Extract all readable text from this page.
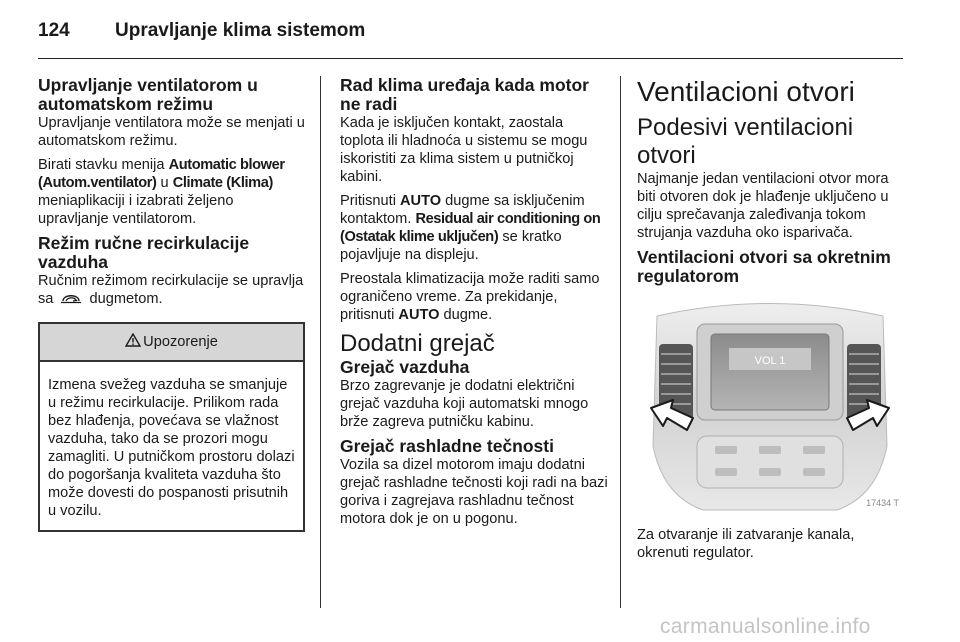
124 Upravljanje klima sistemom
Upravljanje ventilatorom u automatskom režimu

Upravljanje ventilatora može se menjati u automatskom režimu.

Birati stavku menija Automatic blower (Autom.ventilator) u Climate (Klima) meniaplikaciji i izabrati željeno upravljanje ventilatorom.

Režim ručne recirkulacije vazduha

Ručnim režimom recirkulacije se upravlja sa  dugmetom.

Upozorenje
Izmena svežeg vazduha se smanjuje u režimu recirkulacije. Prilikom rada bez hlađenja, povećava se vlažnost vazduha, tako da se prozori mogu zamagliti. U putničkom prostoru dolazi do pogoršanja kvaliteta vazduha što može dovesti do pospanosti prisutnih u vozilu.
Rad klima uređaja kada motor ne radi

Kada je isključen kontakt, zaostala toplota ili hladnoća u sistemu se mogu iskoristiti za klima sistem u putničkoj kabini.

Pritisnuti AUTO dugme sa isključenim kontaktom. Residual air conditioning on (Ostatak klime uključen) se kratko pojavljuje na displeju.

Preostala klimatizacija može raditi samo ograničeno vreme. Za prekidanje, pritisnuti AUTO dugme.

Dodatni grejač
Grejač vazduha

Brzo zagrevanje je dodatni električni grejač vazduha koji automatski mnogo brže zagreva putničku kabinu.

Grejač rashladne tečnosti

Vozila sa dizel motorom imaju dodatni grejač rashladne tečnosti koji radi na bazi goriva i zagrejava rashladnu tečnost motora dok je on u pogonu.

Ventilacioni otvori
Podesivi ventilacioni otvori

Najmanje jedan ventilacioni otvor mora biti otvoren dok je hlađenje uključeno u cilju sprečavanja zaleđivanja tokom strujanja vazduha oko isparivača.

Ventilacioni otvori sa okretnim regulatorom
VOL 1
17434 T

Za otvaranje ili zatvaranje kanala, okrenuti regulator.

carmanualsonline.info
